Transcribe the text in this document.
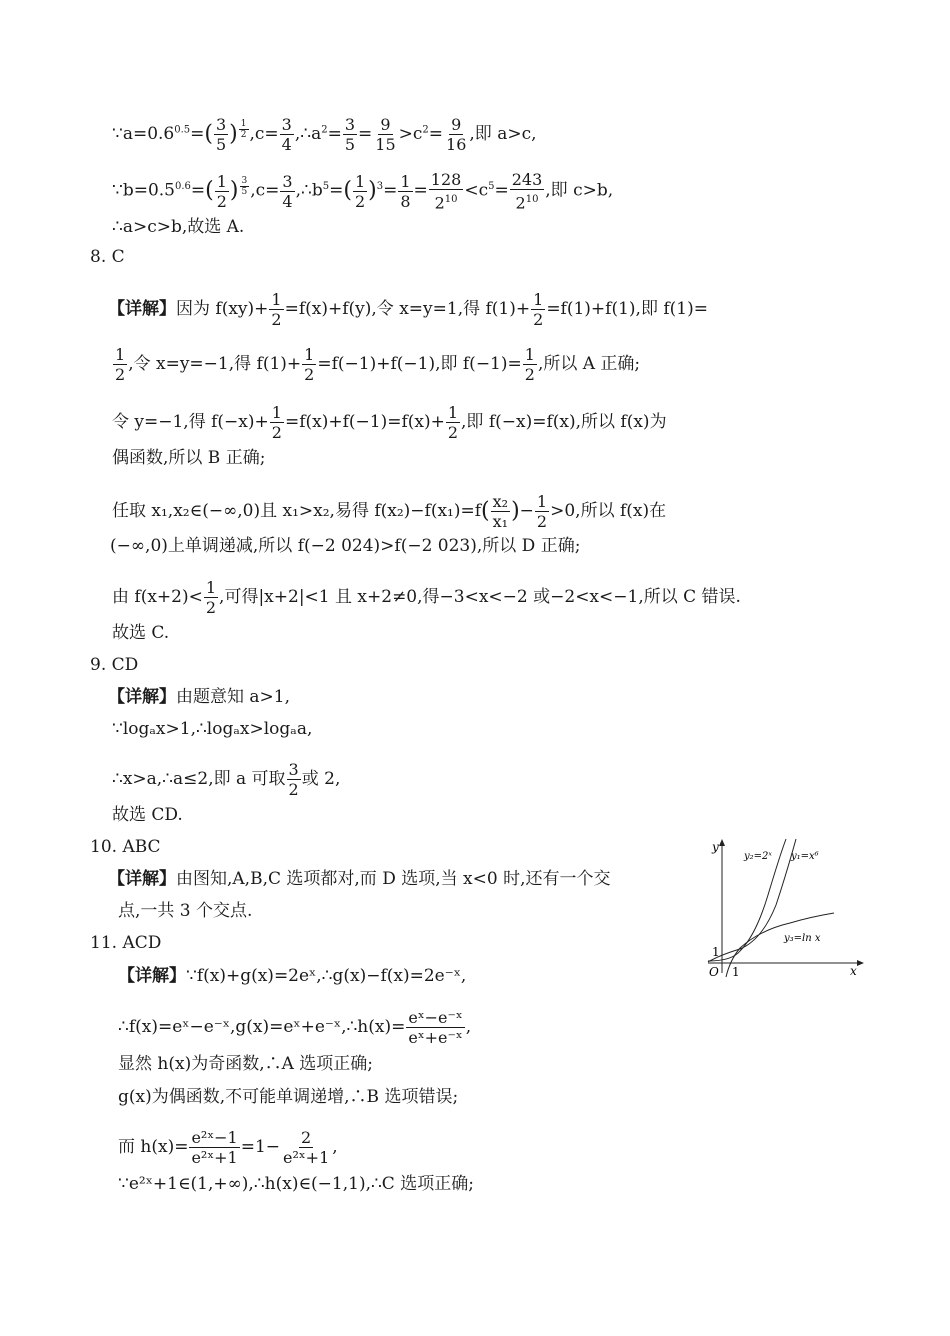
$\because a=0.6^{0.5}=( \frac{3}{5}$ ) $^{\frac{1}{2}}$ $,c= \frac{3}{4}$ $,\therefore a^2= \frac{3}{5} = \frac{9}{15} >c^2= \frac{9}{16}$ ,即 a>c,
$\because b=0.5^{0.6}=( \frac{1}{2}$ ) $^{\frac{3}{5}}$ $,c= \frac{3}{4}$ $,\therefore b^5=( \frac{1}{2} )^3= \frac{1}{8} = \frac{128}{2^{10}} <c^5= \frac{243}{2^{10}}$ ,即 c>b,
∴a>c>b,故选 A.
8. C
【详解】因为 $f(xy)+ \frac{1}{2} =f(x)+f(y)$,令 x=y=1,得 $f(1)+ \frac{1}{2} =f(1)+f(1)$,即 f(1)=
$\frac{1}{2}$ ,令 x=y=−1,得 $f(1)+ \frac{1}{2} =f(-1)+f(-1)$,即 $f(-1)= \frac{1}{2}$ ,所以 A 正确;
令 y=−1,得 $f(-x)+ \frac{1}{2} =f(x)+f(-1)=f(x)+ \frac{1}{2}$ ,即 f(−x)=f(x),所以 f(x)为
偶函数,所以 B 正确;
任取 x₁,x₂∈(−∞,0)且 x₁>x₂,易得 $f(x_2)-f(x_1)=f( \frac{\text{x₂}}{\text{x₁}}$ )− $\frac{1}{2} >0$,所以 f(x)在
(−∞,0)上单调递减,所以 f(−2 024)>f(−2 023),所以 D 正确;
由 $f(x+2)< \frac{1}{2}$ ,可得|x+2|<1 且 x+2≠0,得−3<x<−2 或−2<x<−1,所以 C 错误.
故选 C.
9. CD
【详解】由题意知 a>1,
∵logₐx>1,∴logₐx>logₐa,
∴x>a,∴a≤2,即 a 可取 $\frac{3}{2}$ 或 2,
故选 CD.
10. ABC
【详解】由图知,A,B,C 选项都对,而 D 选项,当 x<0 时,还有一个交
点,一共 3 个交点.
y
x
O 1
1
y₂=2ˣ y₁=x⁶
y₃=ln x
11. ACD
【详解】∵f(x)+g(x)=2eˣ,∴g(x)−f(x)=2e⁻ˣ,
∴f(x)=eˣ−e⁻ˣ,g(x)=eˣ+e⁻ˣ,∴h(x)= $\frac{\text{eˣ−e⁻ˣ}}{\text{eˣ+e⁻ˣ}}$ ,
显然 h(x)为奇函数,∴A 选项正确;
g(x)为偶函数,不可能单调递增,∴B 选项错误;
而 $h(x)= \frac{\text{e²ˣ−1}}{\text{e²ˣ+1}} =1- \frac{2}{\text{e²ˣ+1}}$ ,
∵e²ˣ+1∈(1,+∞),∴h(x)∈(−1,1),∴C 选项正确;
